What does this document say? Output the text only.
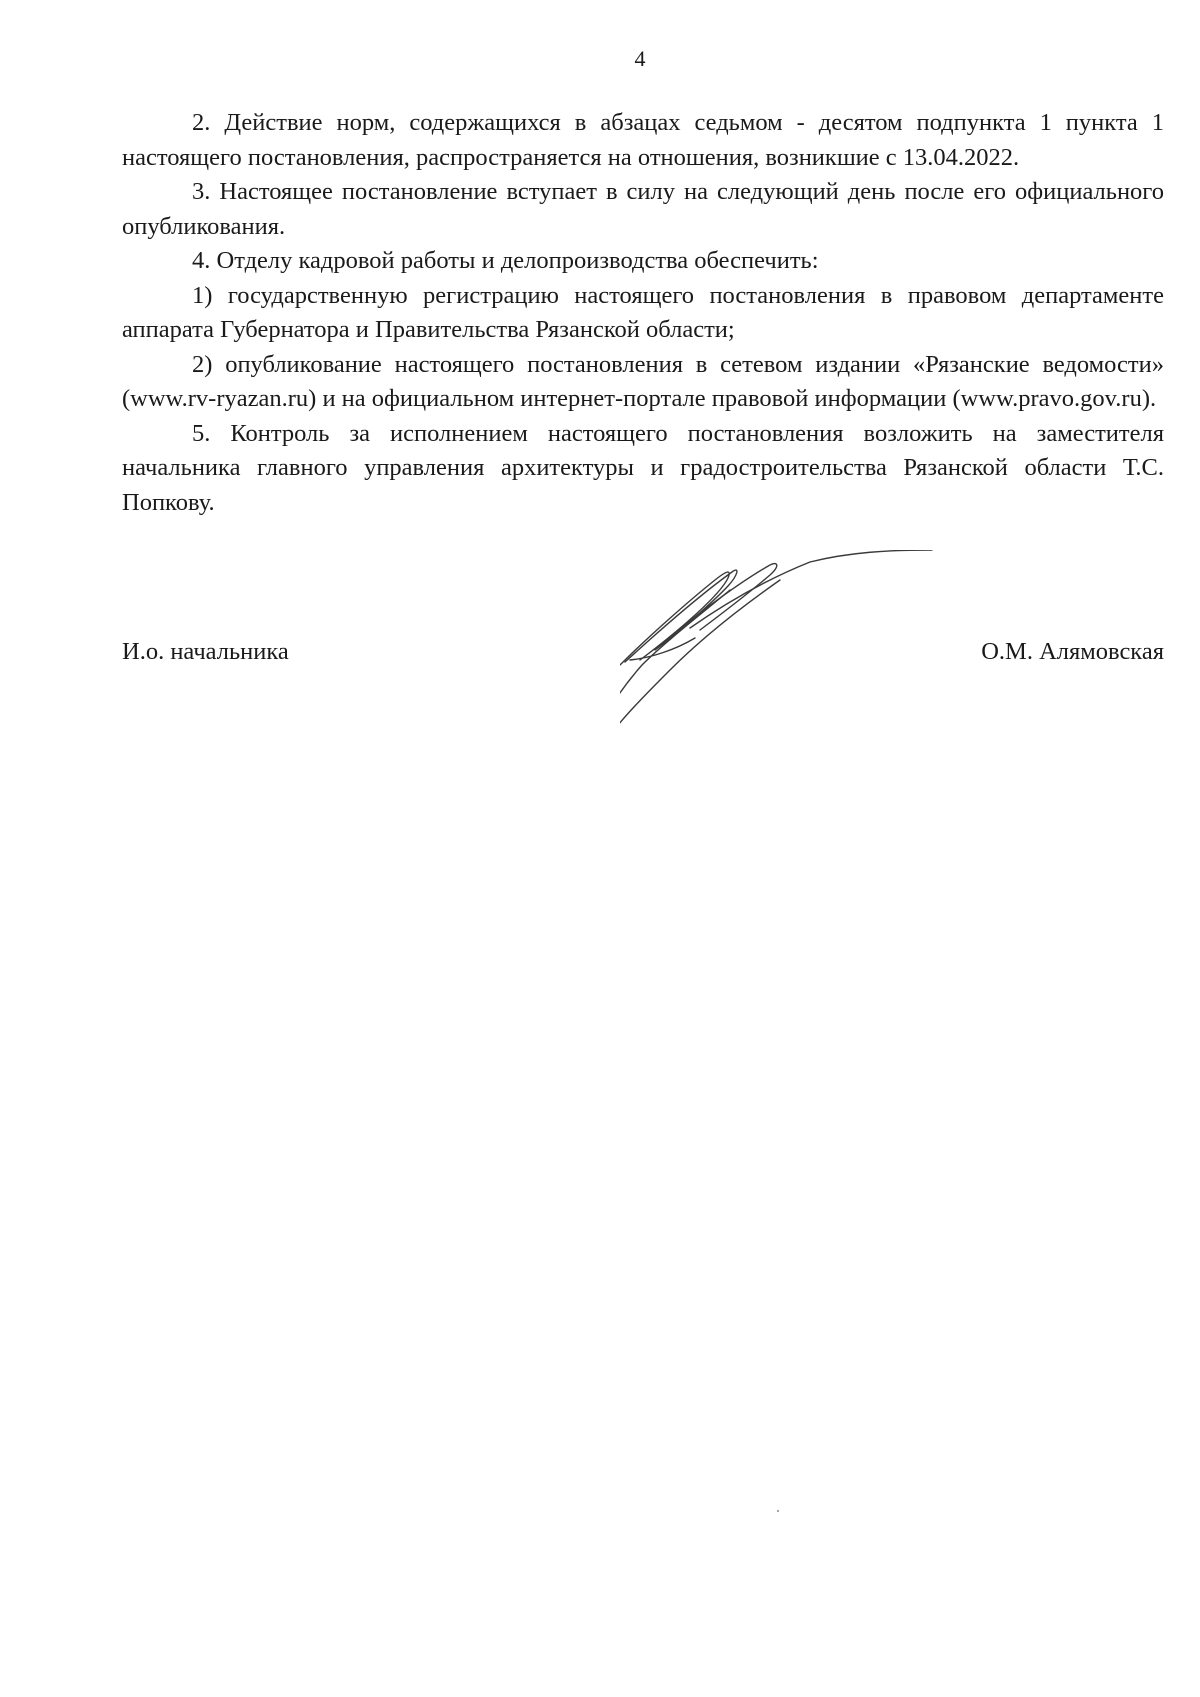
4

2. Действие норм, содержащихся в абзацах седьмом - десятом подпункта 1 пункта 1 настоящего постановления, распространяется на отношения, возникшие с 13.04.2022.

3. Настоящее постановление вступает в силу на следующий день после его официального опубликования.

4. Отделу кадровой работы и делопроизводства обеспечить:

1) государственную регистрацию настоящего постановления в правовом департаменте аппарата Губернатора и Правительства Рязанской области;

2) опубликование настоящего постановления в сетевом издании «Рязанские ведомости» (www.rv-ryazan.ru) и на официальном интернет-портале правовой информации (www.pravo.gov.ru).

5. Контроль за исполнением настоящего постановления возложить на заместителя начальника главного управления архитектуры и градостроительства Рязанской области Т.С. Попкову.

И.о. начальника	О.М. Алямовская
